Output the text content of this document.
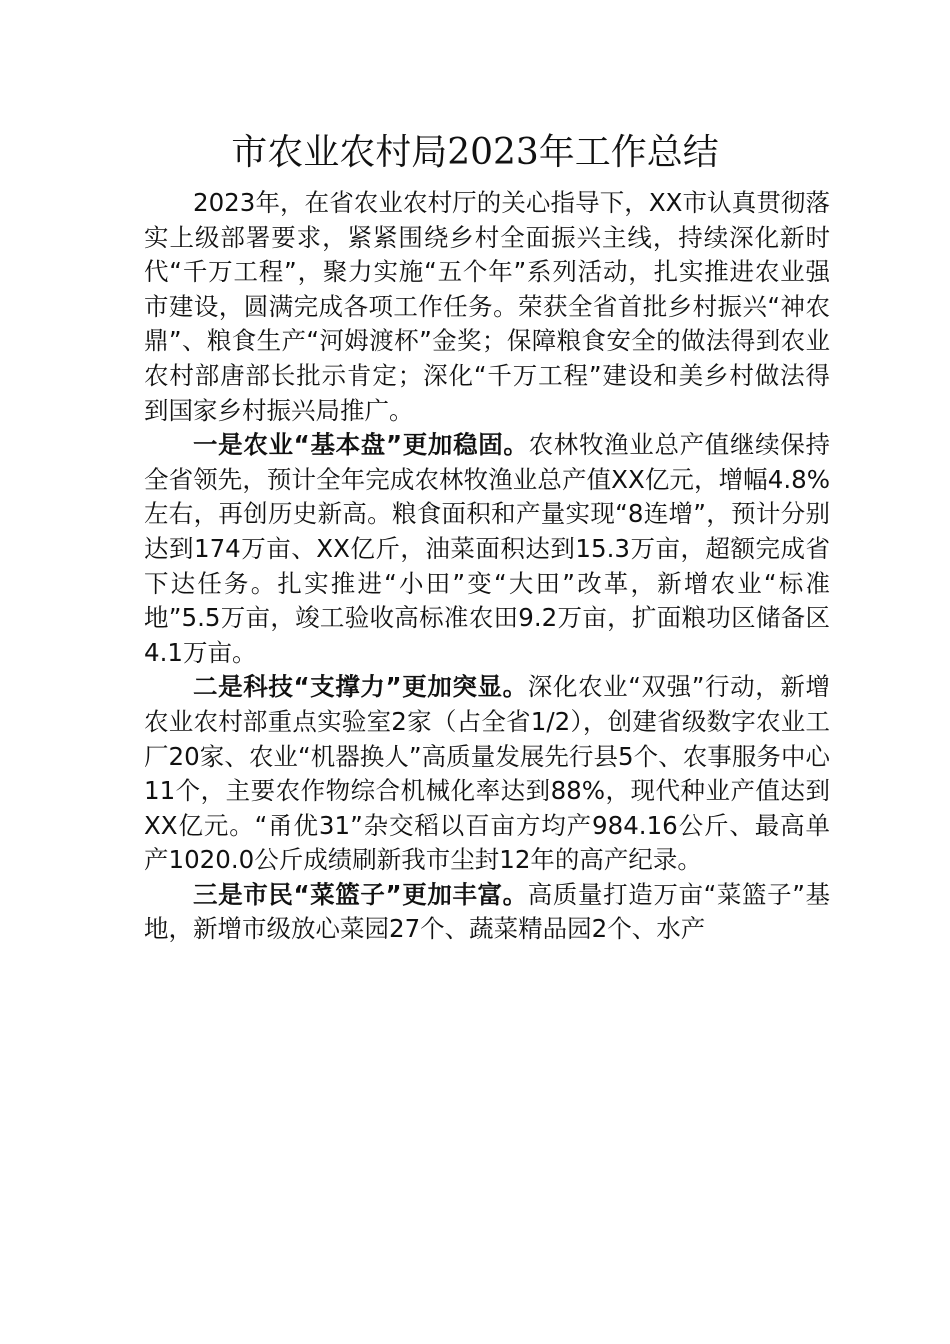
市农业农村局2023年工作总结

2023年，在省农业农村厅的关心指导下，XX市认真贯彻落实上级部署要求，紧紧围绕乡村全面振兴主线，持续深化新时代“千万工程”，聚力实施“五个年”系列活动，扎实推进农业强市建设，圆满完成各项工作任务。荣获全省首批乡村振兴“神农鼎”、粮食生产“河姆渡杯”金奖；保障粮食安全的做法得到农业农村部唐部长批示肯定；深化“千万工程”建设和美乡村做法得到国家乡村振兴局推广。

一是农业“基本盘”更加稳固。农林牧渔业总产值继续保持全省领先，预计全年完成农林牧渔业总产值XX亿元，增幅4.8%左右，再创历史新高。粮食面积和产量实现“8连增”，预计分别达到174万亩、XX亿斤，油菜面积达到15.3万亩，超额完成省下达任务。扎实推进“小田”变“大田”改革，新增农业“标准地”5.5万亩，竣工验收高标准农田9.2万亩，扩面粮功区储备区4.1万亩。

二是科技“支撑力”更加突显。深化农业“双强”行动，新增农业农村部重点实验室2家（占全省1/2），创建省级数字农业工厂20家、农业“机器换人”高质量发展先行县5个、农事服务中心11个，主要农作物综合机械化率达到88%，现代种业产值达到XX亿元。“甬优31”杂交稻以百亩方均产984.16公斤、最高单产1020.0公斤成绩刷新我市尘封12年的高产纪录。

三是市民“菜篮子”更加丰富。高质量打造万亩“菜篮子”基地，新增市级放心菜园27个、蔬菜精品园2个、水产
